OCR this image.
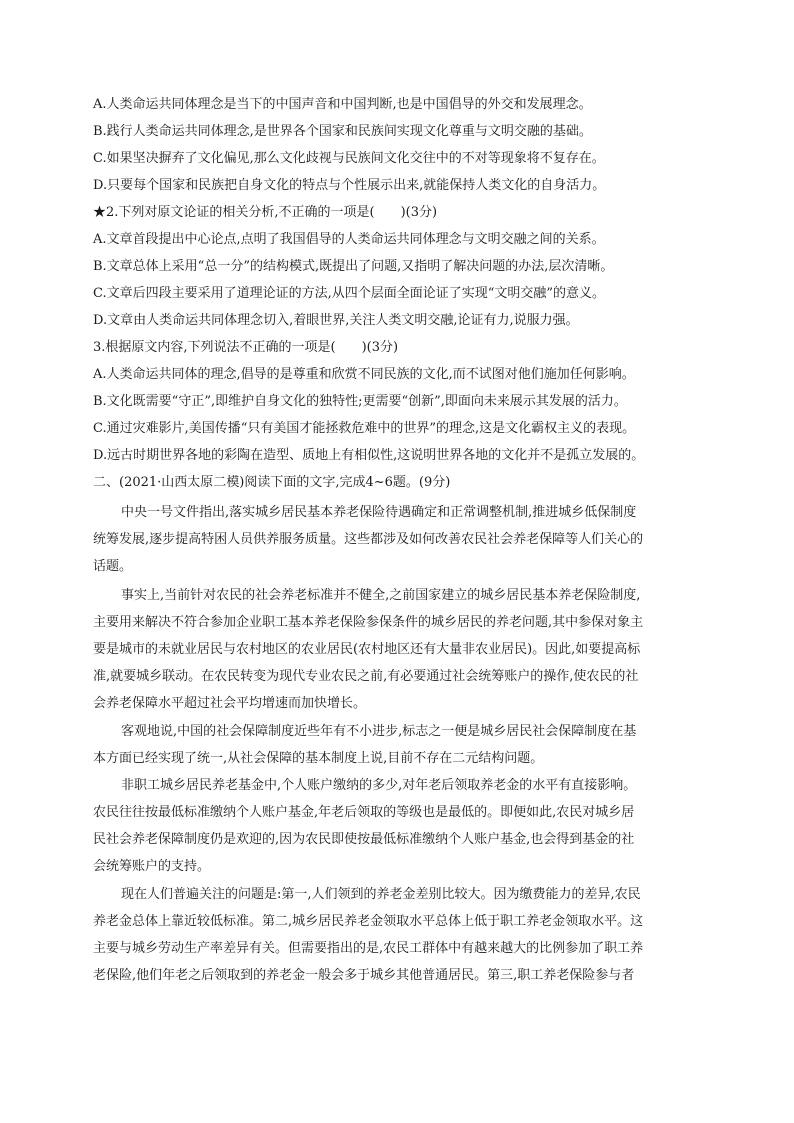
A.人类命运共同体理念是当下的中国声音和中国判断,也是中国倡导的外交和发展理念。
B.践行人类命运共同体理念,是世界各个国家和民族间实现文化尊重与文明交融的基础。
C.如果坚决摒弃了文化偏见,那么文化歧视与民族间文化交往中的不对等现象将不复存在。
D.只要每个国家和民族把自身文化的特点与个性展示出来,就能保持人类文化的自身活力。
★2.下列对原文论证的相关分析,不正确的一项是(　　)(3分)
A.文章首段提出中心论点,点明了我国倡导的人类命运共同体理念与文明交融之间的关系。
B.文章总体上采用“总一分”的结构模式,既提出了问题,又指明了解决问题的办法,层次清晰。
C.文章后四段主要采用了道理论证的方法,从四个层面全面论证了实现“文明交融”的意义。
D.文章由人类命运共同体理念切入,着眼世界,关注人类文明交融,论证有力,说服力强。
3.根据原文内容,下列说法不正确的一项是(　　)(3分)
A.人类命运共同体的理念,倡导的是尊重和欣赏不同民族的文化,而不试图对他们施加任何影响。
B.文化既需要“守正”,即维护自身文化的独特性;更需要“创新”,即面向未来展示其发展的活力。
C.通过灾难影片,美国传播“只有美国才能拯救危难中的世界”的理念,这是文化霸权主义的表现。
D.远古时期世界各地的彩陶在造型、质地上有相似性,这说明世界各地的文化并不是孤立发展的。
二、(2021·山西太原二模)阅读下面的文字,完成4~6题。(9分)
中央一号文件指出,落实城乡居民基本养老保险待遇确定和正常调整机制,推进城乡低保制度
统筹发展,逐步提高特困人员供养服务质量。这些都涉及如何改善农民社会养老保障等人们关心的
话题。
事实上,当前针对农民的社会养老标准并不健全,之前国家建立的城乡居民基本养老保险制度,
主要用来解决不符合参加企业职工基本养老保险参保条件的城乡居民的养老问题,其中参保对象主
要是城市的未就业居民与农村地区的农业居民(农村地区还有大量非农业居民)。因此,如要提高标
准,就要城乡联动。在农民转变为现代专业农民之前,有必要通过社会统筹账户的操作,使农民的社
会养老保障水平超过社会平均增速而加快增长。
客观地说,中国的社会保障制度近些年有不小进步,标志之一便是城乡居民社会保障制度在基
本方面已经实现了统一,从社会保障的基本制度上说,目前不存在二元结构问题。
非职工城乡居民养老基金中,个人账户缴纳的多少,对年老后领取养老金的水平有直接影响。
农民往往按最低标准缴纳个人账户基金,年老后领取的等级也是最低的。即便如此,农民对城乡居
民社会养老保障制度仍是欢迎的,因为农民即使按最低标准缴纳个人账户基金,也会得到基金的社
会统筹账户的支持。
现在人们普遍关注的问题是:第一,人们领到的养老金差别比较大。因为缴费能力的差异,农民
养老金总体上靠近较低标准。第二,城乡居民养老金领取水平总体上低于职工养老金领取水平。这
主要与城乡劳动生产率差异有关。但需要指出的是,农民工群体中有越来越大的比例参加了职工养
老保险,他们年老之后领取到的养老金一般会多于城乡其他普通居民。第三,职工养老保险参与者
